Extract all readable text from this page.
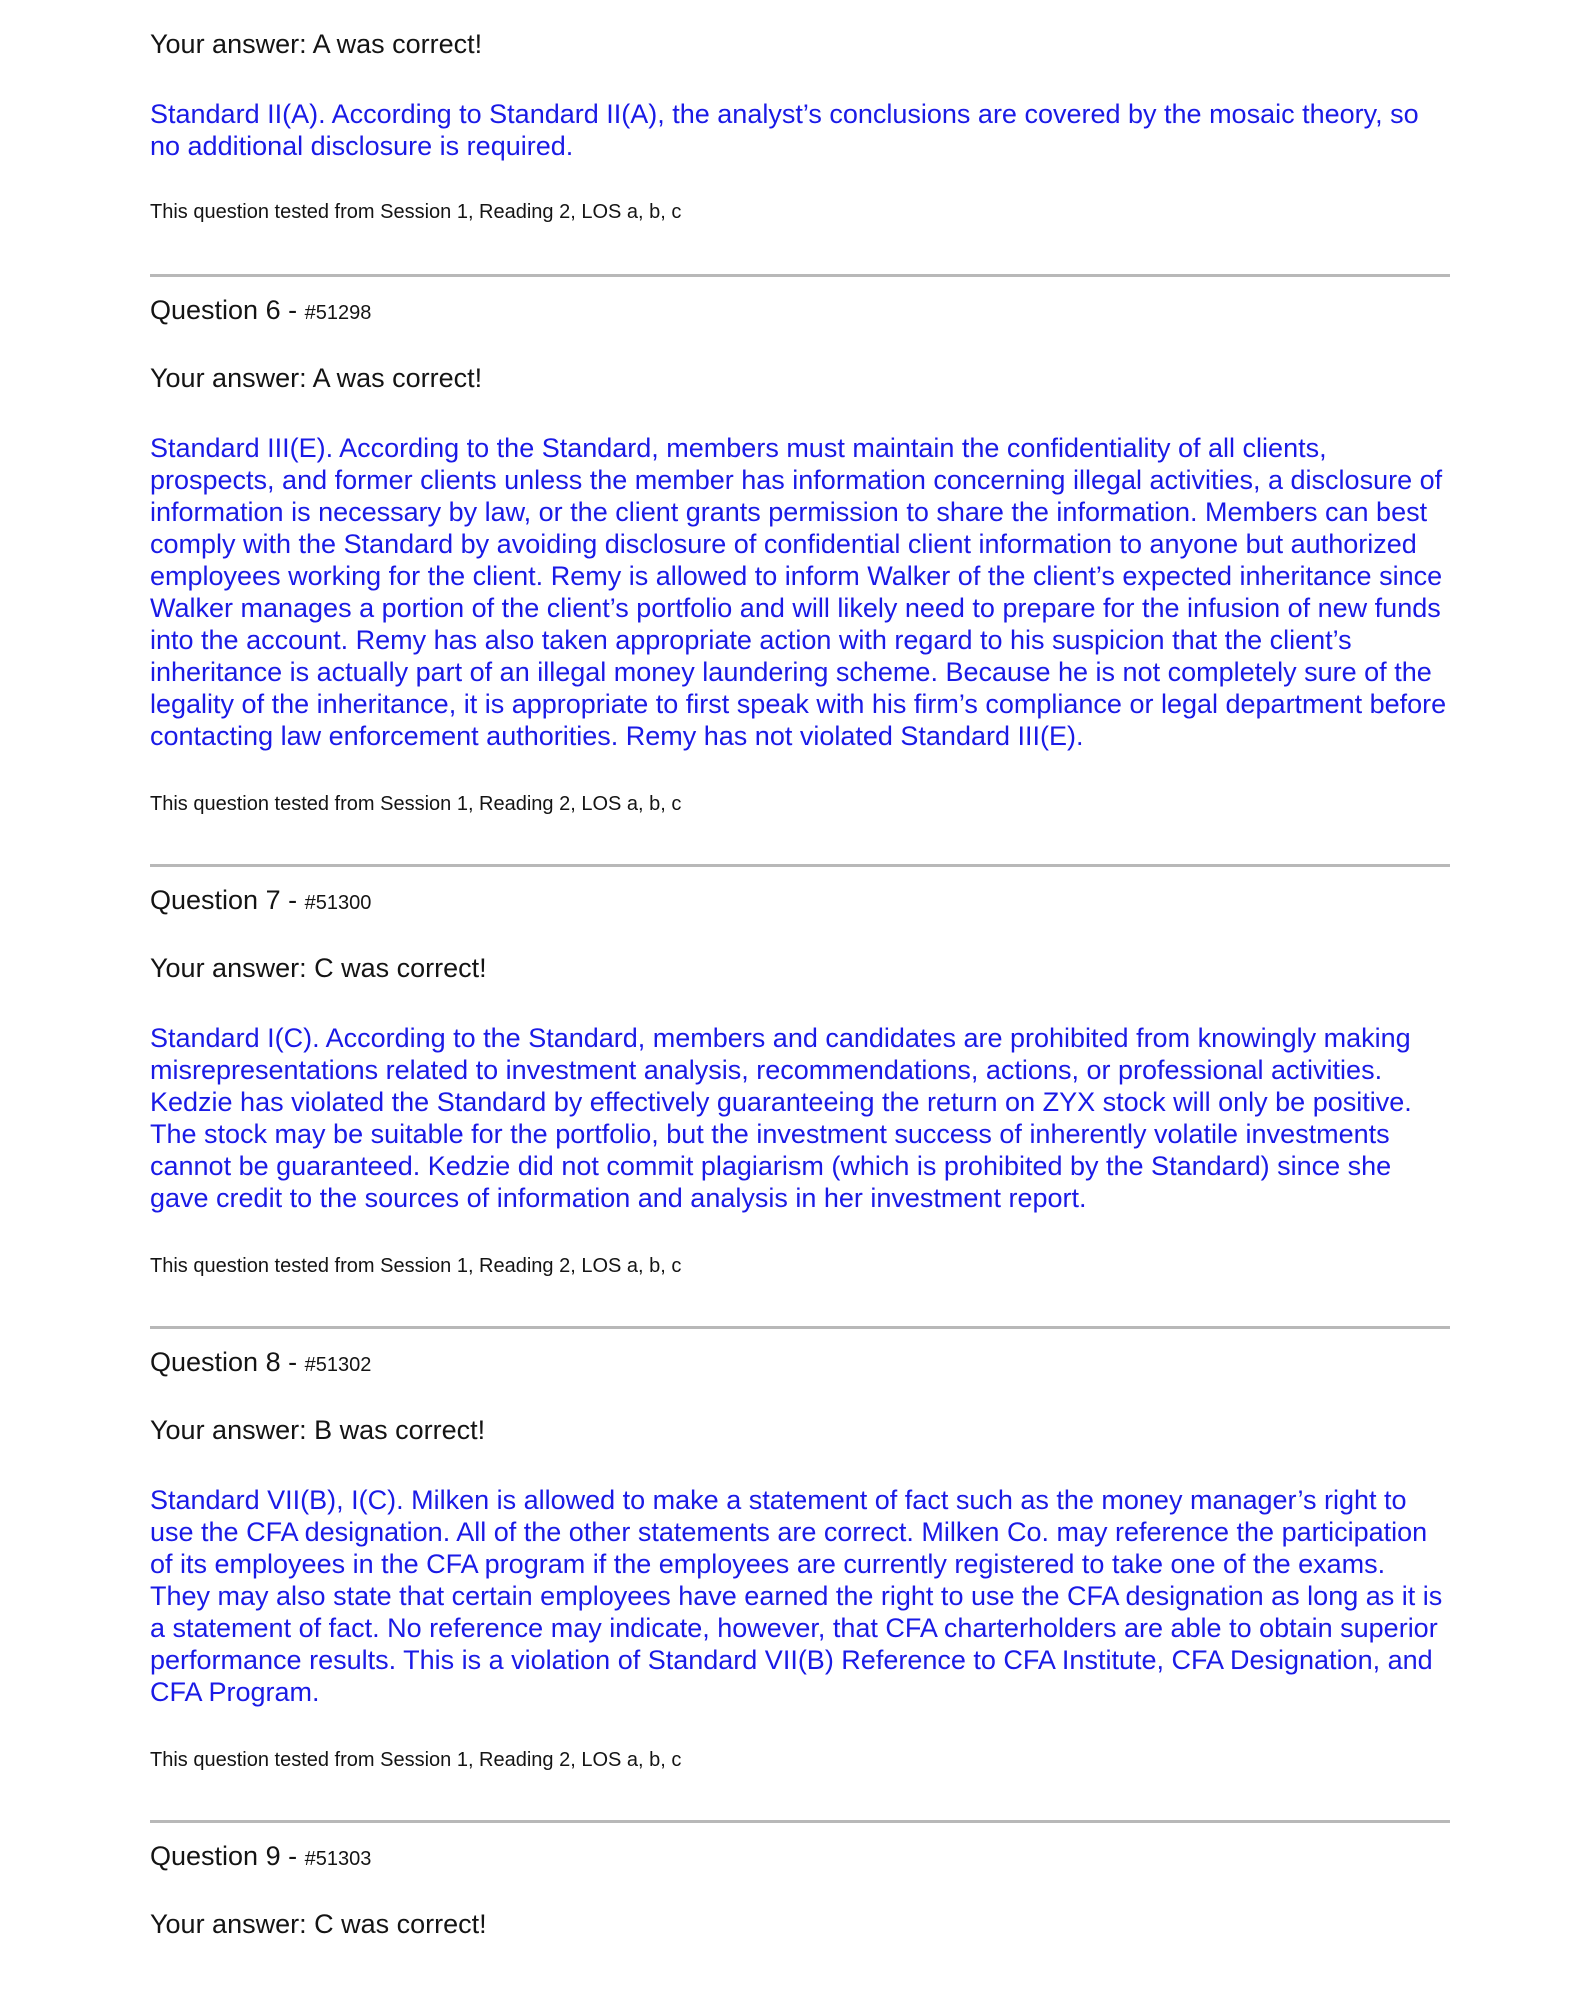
Your answer: A was correct!

Standard II(A). According to Standard II(A), the analyst’s conclusions are covered by the mosaic theory, so no additional disclosure is required.

This question tested from Session 1, Reading 2, LOS a, b, c

Question 6 - #51298

Your answer: A was correct!

Standard III(E). According to the Standard, members must maintain the confidentiality of all clients, prospects, and former clients unless the member has information concerning illegal activities, a disclosure of information is necessary by law, or the client grants permission to share the information. Members can best comply with the Standard by avoiding disclosure of confidential client information to anyone but authorized employees working for the client. Remy is allowed to inform Walker of the client’s expected inheritance since Walker manages a portion of the client’s portfolio and will likely need to prepare for the infusion of new funds into the account. Remy has also taken appropriate action with regard to his suspicion that the client’s inheritance is actually part of an illegal money laundering scheme. Because he is not completely sure of the legality of the inheritance, it is appropriate to first speak with his firm’s compliance or legal department before contacting law enforcement authorities. Remy has not violated Standard III(E).

This question tested from Session 1, Reading 2, LOS a, b, c

Question 7 - #51300

Your answer: C was correct!

Standard I(C). According to the Standard, members and candidates are prohibited from knowingly making misrepresentations related to investment analysis, recommendations, actions, or professional activities. Kedzie has violated the Standard by effectively guaranteeing the return on ZYX stock will only be positive. The stock may be suitable for the portfolio, but the investment success of inherently volatile investments cannot be guaranteed. Kedzie did not commit plagiarism (which is prohibited by the Standard) since she gave credit to the sources of information and analysis in her investment report.

This question tested from Session 1, Reading 2, LOS a, b, c

Question 8 - #51302

Your answer: B was correct!

Standard VII(B), I(C). Milken is allowed to make a statement of fact such as the money manager’s right to use the CFA designation. All of the other statements are correct. Milken Co. may reference the participation of its employees in the CFA program if the employees are currently registered to take one of the exams. They may also state that certain employees have earned the right to use the CFA designation as long as it is a statement of fact. No reference may indicate, however, that CFA charterholders are able to obtain superior performance results. This is a violation of Standard VII(B) Reference to CFA Institute, CFA Designation, and CFA Program.

This question tested from Session 1, Reading 2, LOS a, b, c

Question 9 - #51303

Your answer: C was correct!
